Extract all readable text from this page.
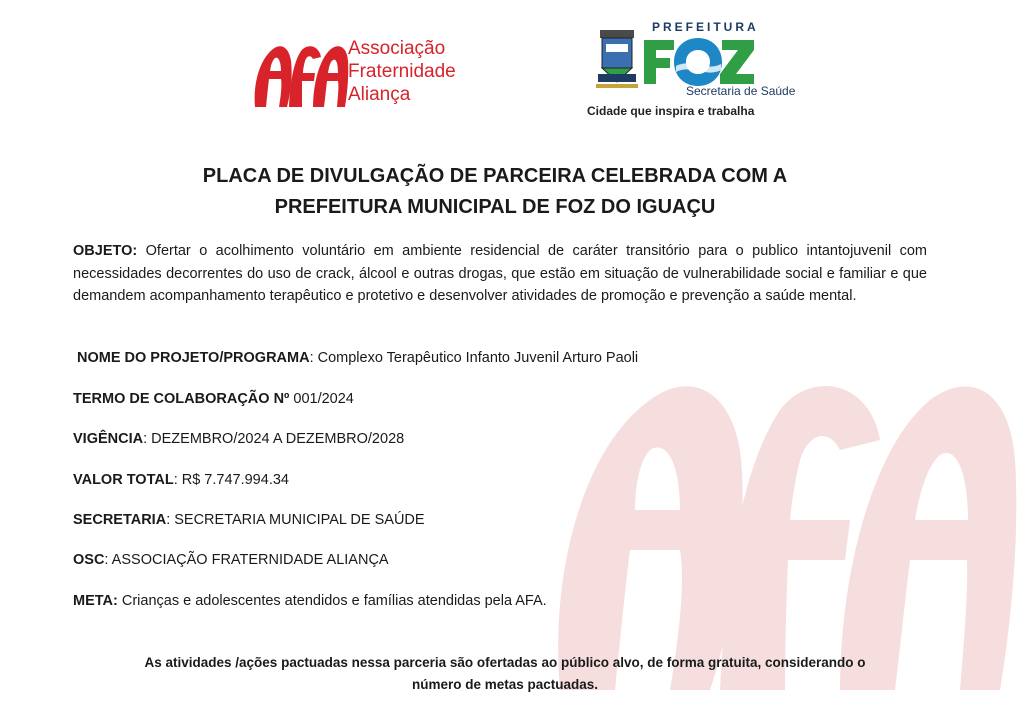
Associação
Fraternidade
Aliança
PREFEITURA
Secretaria de Saúde
Cidade que inspira e trabalha
PLACA DE DIVULGAÇÃO DE PARCEIRA CELEBRADA COM A
PREFEITURA MUNICIPAL DE FOZ DO IGUAÇU
OBJETO: Ofertar o acolhimento voluntário em ambiente residencial de caráter transitório para o publico intantojuvenil com necessidades decorrentes do uso de crack, álcool e outras drogas, que estão em situação de vulnerabilidade social e familiar e que demandem acompanhamento terapêutico e protetivo e desenvolver atividades de promoção e prevenção a saúde mental.
NOME DO PROJETO/PROGRAMA: Complexo Terapêutico Infanto Juvenil Arturo Paoli
TERMO DE COLABORAÇÃO Nº 001/2024
VIGÊNCIA: DEZEMBRO/2024 A DEZEMBRO/2028
VALOR TOTAL: R$ 7.747.994.34
SECRETARIA: SECRETARIA MUNICIPAL DE SAÚDE
OSC: ASSOCIAÇÃO FRATERNIDADE ALIANÇA
META: Crianças e adolescentes atendidos e famílias atendidas pela AFA.
As atividades /ações pactuadas nessa parceria são ofertadas ao público alvo, de forma gratuita, considerando o
número de metas pactuadas.
